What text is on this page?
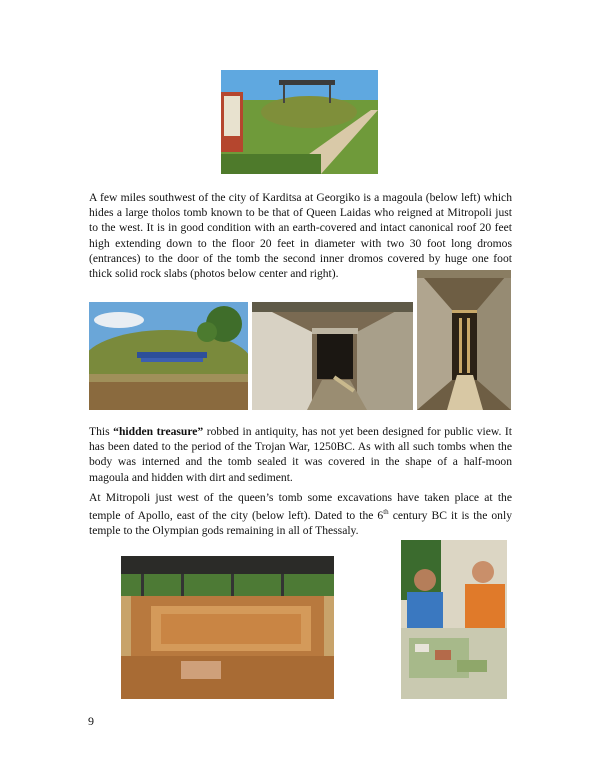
A few miles southwest of the city of Karditsa at Georgiko is a magoula (below left) which hides a large tholos tomb known to be that of Queen Laidas who reigned at Mitropoli just to the west. It is in good condition with an earth-covered and intact canonical roof 20 feet high extending down to the floor 20 feet in diameter with two 30 foot long dromos (entrances) to the door of the tomb the second inner dromos covered by huge one foot thick solid rock slabs (photos below center and right).

This “hidden treasure” robbed in antiquity, has not yet been designed for public view. It has been dated to the period of the Trojan War, 1250BC. As with all such tombs when the body was interned and the tomb sealed it was covered in the shape of a half-moon magoula and hidden with dirt and sediment.

At Mitropoli just west of the queen’s tomb some excavations have taken place at the temple of Apollo, east of the city (below left). Dated to the 6th century BC it is the only temple to the Olympian gods remaining in all of Thessaly.

9
